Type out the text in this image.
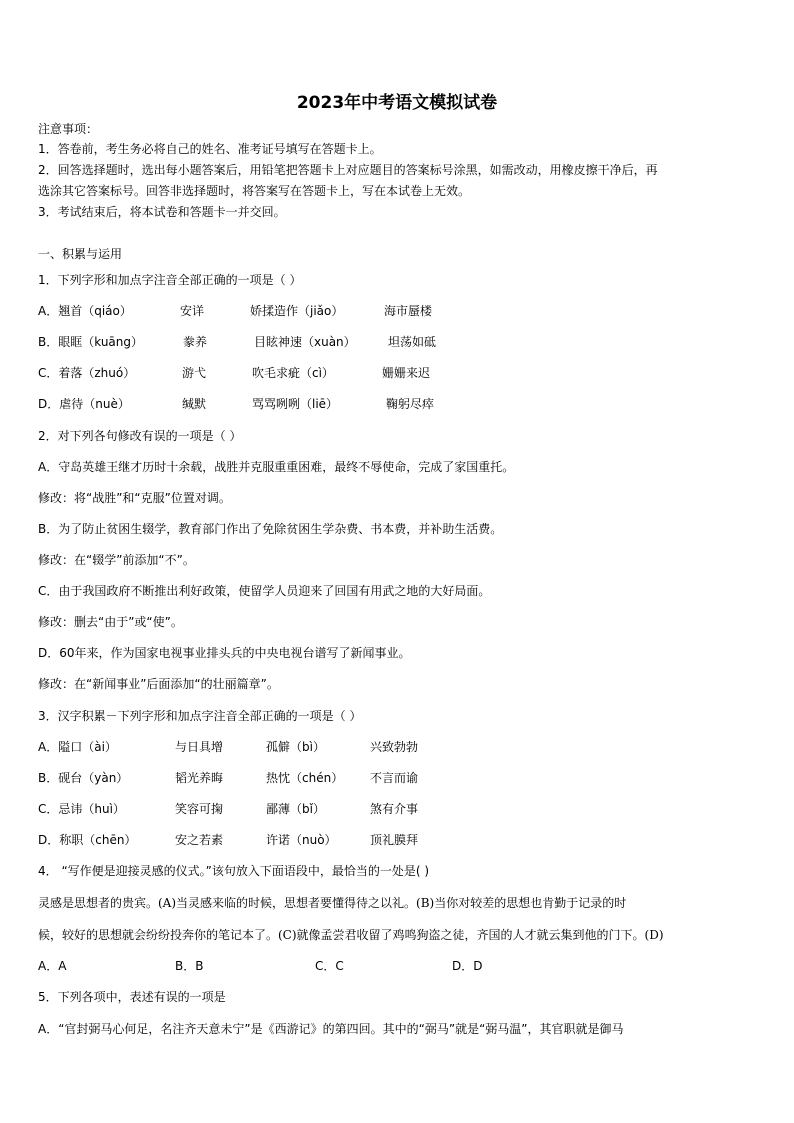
2023年中考语文模拟试卷
注意事项：
1．答卷前，考生务必将自己的姓名、准考证号填写在答题卡上。
2．回答选择题时，选出每小题答案后，用铅笔把答题卡上对应题目的答案标号涂黑，如需改动，用橡皮擦干净后，再
选涂其它答案标号。回答非选择题时，将答案写在答题卡上，写在本试卷上无效。
3．考试结束后，将本试卷和答题卡一并交回。
一、积累与运用
1．下列字形和加点字注音全部正确的一项是（ ）
A．翘首（qiáo）	安详	娇揉造作（jiǎo）	海市蜃楼
B．眼眶（kuāng）	豢养	目眩神速（xuàn）	坦荡如砥
C．着落（zhuó）	游弋	吹毛求疵（cì）	姗姗来迟
D．虐待（nuè）	缄默	骂骂咧咧（liē）	鞠躬尽瘁
2．对下列各句修改有误的一项是（ ）
A．守岛英雄王继才历时十余载，战胜并克服重重困难，最终不辱使命，完成了家国重托。
修改：将“战胜”和“克服”位置对调。
B．为了防止贫困生辍学，教育部门作出了免除贫困生学杂费、书本费，并补助生活费。
修改：在“辍学”前添加“不”。
C．由于我国政府不断推出利好政策，使留学人员迎来了回国有用武之地的大好局面。
修改：删去“由于”或“使”。
D．60年来，作为国家电视事业排头兵的中央电视台谱写了新闻事业。
修改：在“新闻事业”后面添加“的壮丽篇章”。
3．汉字积累－下列字形和加点字注音全部正确的一项是（ ）
A．隘口（ài）	与日具增	孤僻（bì）	兴致勃勃
B．砚台（yàn）	韬光养晦	热忱（chén） 不言而谕
C．忌讳（huì）	笑容可掬	鄙薄（bǐ）	煞有介事
D．称职（chēn）	安之若素	许诺（nuò）	顶礼膜拜
4． “写作便是迎接灵感的仪式。”该句放入下面语段中，最恰当的一处是( )
灵感是思想者的贵宾。(A)当灵感来临的时候，思想者要懂得待之以礼。(B)当你对较差的思想也肯勤于记录的时
候，较好的思想就会纷纷投奔你的笔记本了。(C)就像孟尝君收留了鸡鸣狗盗之徒，齐国的人才就云集到他的门下。(D)
A．A	B．B	C．C	D．D
5．下列各项中，表述有误的一项是
A．“官封弼马心何足，名注齐天意未宁”是《西游记》的第四回。其中的“弼马”就是“弼马温”，其官职就是御马
